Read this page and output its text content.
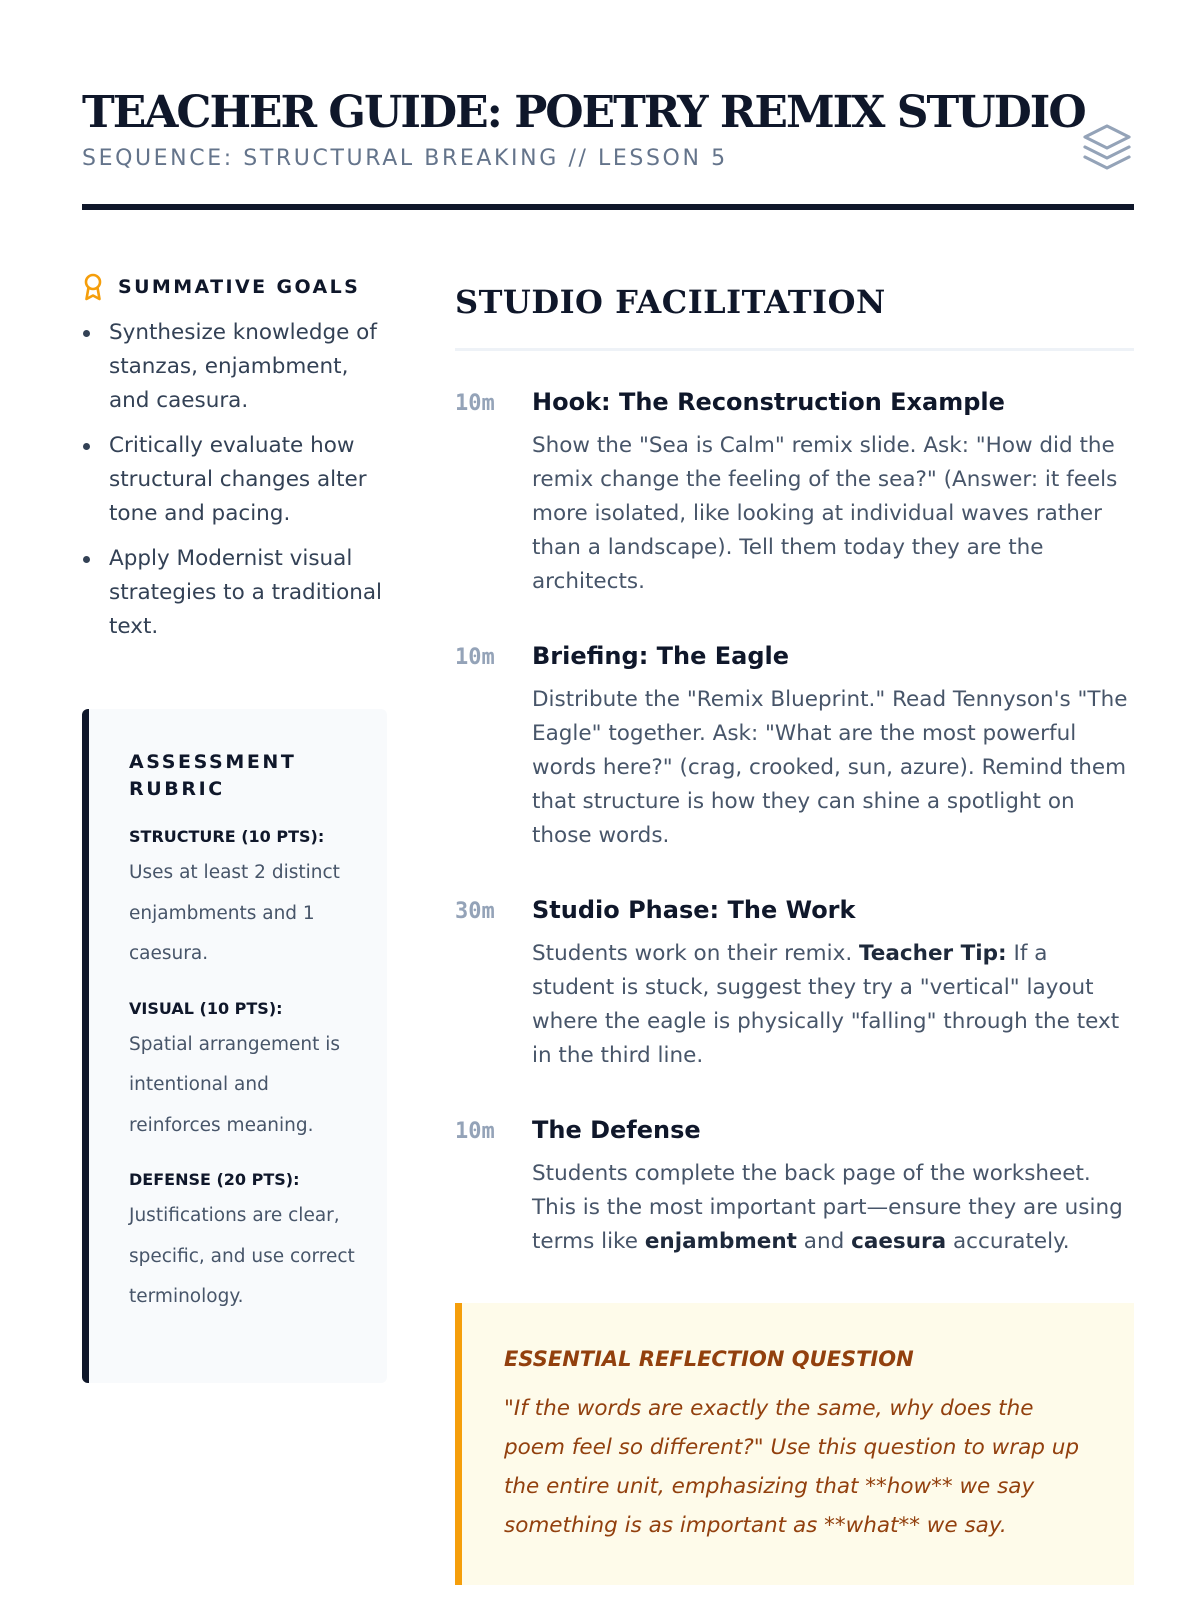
TEACHER GUIDE: POETRY REMIX STUDIO
SEQUENCE: STRUCTURAL BREAKING // LESSON 5
SUMMATIVE GOALS
Synthesize knowledge of stanzas, enjambment, and caesura.
Critically evaluate how structural changes alter tone and pacing.
Apply Modernist visual strategies to a traditional text.
ASSESSMENT RUBRIC
STRUCTURE (10 PTS):
Uses at least 2 distinct enjambments and 1 caesura.
VISUAL (10 PTS):
Spatial arrangement is intentional and reinforces meaning.
DEFENSE (20 PTS):
Justifications are clear, specific, and use correct terminology.
STUDIO FACILITATION
10m Hook: The Reconstruction Example
Show the "Sea is Calm" remix slide. Ask: "How did the remix change the feeling of the sea?" (Answer: it feels more isolated, like looking at individual waves rather than a landscape). Tell them today they are the architects.
10m Briefing: The Eagle
Distribute the "Remix Blueprint." Read Tennyson's "The Eagle" together. Ask: "What are the most powerful words here?" (crag, crooked, sun, azure). Remind them that structure is how they can shine a spotlight on those words.
30m Studio Phase: The Work
Students work on their remix. Teacher Tip: If a student is stuck, suggest they try a "vertical" layout where the eagle is physically "falling" through the text in the third line.
10m The Defense
Students complete the back page of the worksheet. This is the most important part—ensure they are using terms like enjambment and caesura accurately.
ESSENTIAL REFLECTION QUESTION
"If the words are exactly the same, why does the poem feel so different?" Use this question to wrap up the entire unit, emphasizing that **how** we say something is as important as **what** we say.
